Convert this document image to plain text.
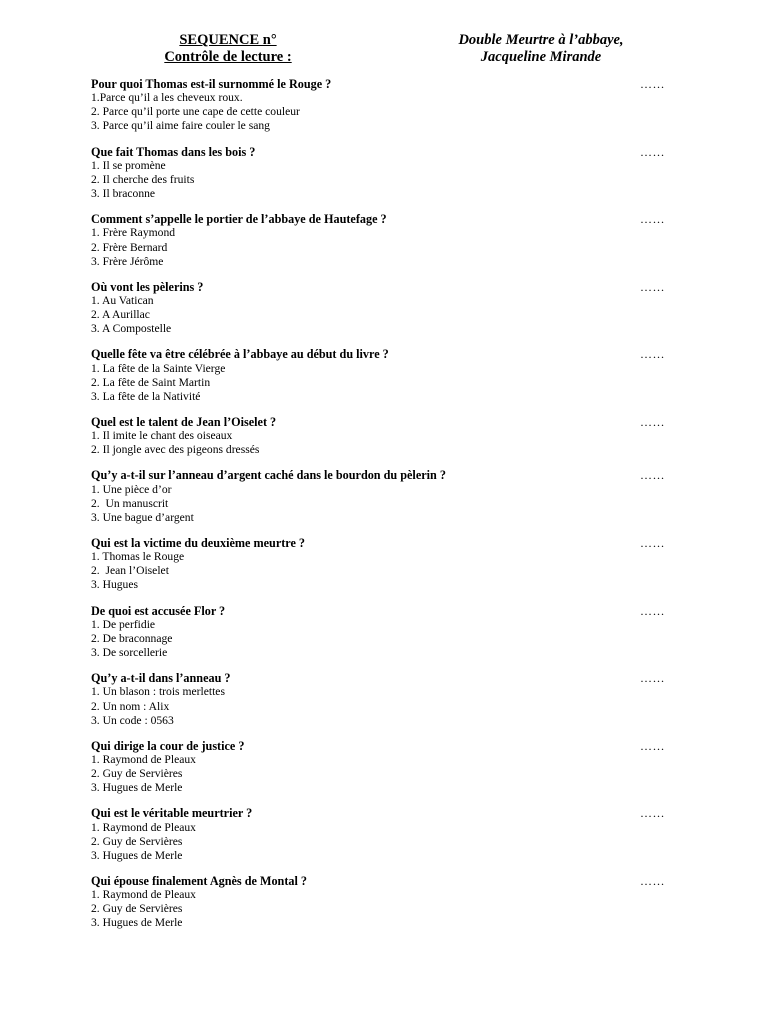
SEQUENCE n°
Contrôle de lecture :
Double Meurtre à l’abbaye,
Jacqueline Mirande
Pour quoi Thomas est-il surnommé le Rouge ?	……
1.Parce qu’il a les cheveux roux.
2. Parce qu’il porte une cape de cette couleur
3. Parce qu’il aime faire couler le sang
Que fait Thomas dans les bois ?	……
1. Il se promène
2. Il cherche des fruits
3. Il braconne
Comment s’appelle le portier de l’abbaye de Hautefage ?	……
1. Frère Raymond
2. Frère Bernard
3. Frère Jérôme
Où vont les pèlerins ?	……
1. Au Vatican
2. A Aurillac
3. A Compostelle
Quelle fête va être célébrée à l’abbaye au début du livre ?	……
1. La fête de la Sainte Vierge
2. La fête de Saint Martin
3. La fête de la Nativité
Quel est le talent de Jean l’Oiselet ?	……
1. Il imite le chant des oiseaux
2. Il jongle avec des pigeons dressés
Qu’y a-t-il sur l’anneau d’argent caché dans le bourdon du pèlerin ?	……
1. Une pièce d’or
2.  Un manuscrit
3. Une bague d’argent
Qui est la victime du deuxième meurtre ?	……
1. Thomas le Rouge
2.  Jean l’Oiselet
3. Hugues
De quoi est accusée Flor ?	……
1. De perfidie
2. De braconnage
3. De sorcellerie
Qu’y a-t-il dans l’anneau ?	……
1. Un blason : trois merlettes
2. Un nom : Alix
3. Un code : 0563
Qui dirige la cour de justice ?	……
1. Raymond de Pleaux
2. Guy de Servières
3. Hugues de Merle
Qui est le véritable meurtrier ?	……
1. Raymond de Pleaux
2. Guy de Servières
3. Hugues de Merle
Qui épouse finalement Agnès de Montal ?	……
1. Raymond de Pleaux
2. Guy de Servières
3. Hugues de Merle
